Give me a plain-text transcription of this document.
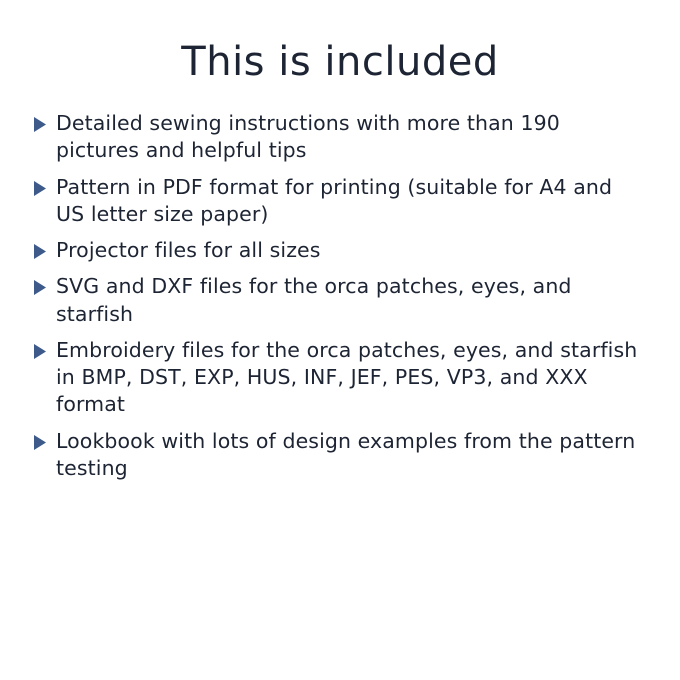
This is included
Detailed sewing instructions with more than 190 pictures and helpful tips
Pattern in PDF format for printing (suitable for A4 and US letter size paper)
Projector files for all sizes
SVG and DXF files for the orca patches, eyes, and starfish
Embroidery files for the orca patches, eyes, and starfish in BMP, DST, EXP, HUS, INF, JEF, PES, VP3, and XXX format
Lookbook with lots of design examples from the pattern testing
